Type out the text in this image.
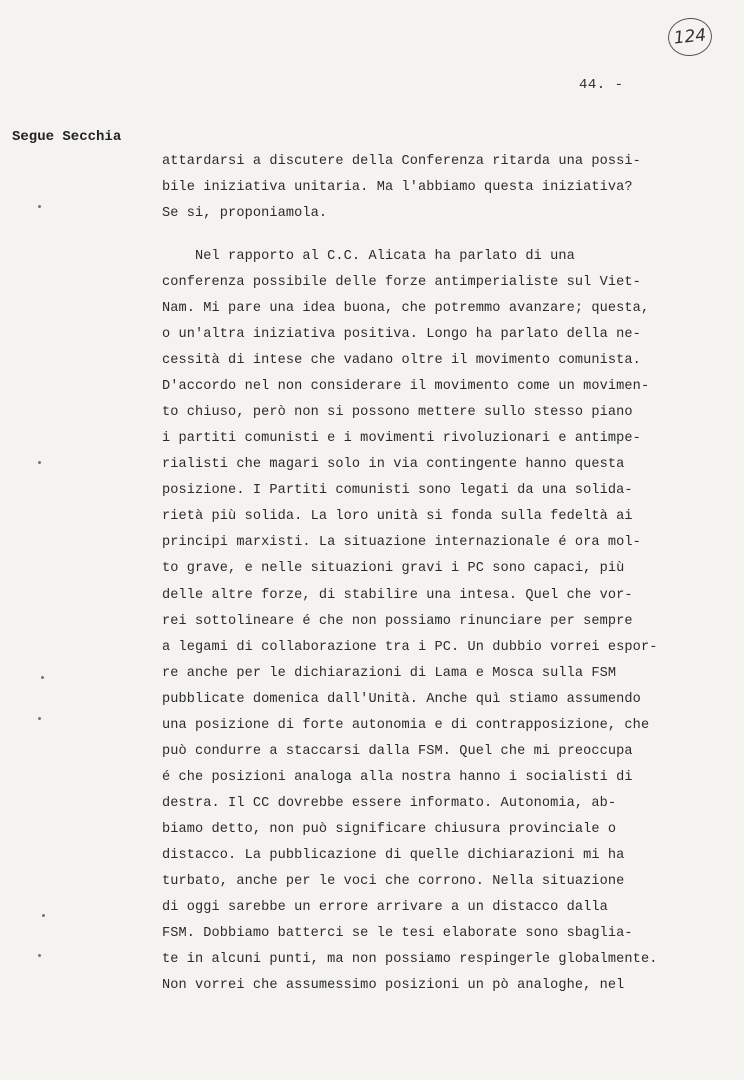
124
44. -
Segue Secchia
attardarsi a discutere della Conferenza ritarda una possi-
bile iniziativa unitaria. Ma l'abbiamo questa iniziativa?
Se si, proponiamola.
Nel rapporto al C.C. Alicata ha parlato di una
conferenza possibile delle forze antimperialiste sul Viet-
Nam. Mi pare una idea buona, che potremmo avanzare; questa,
o un'altra iniziativa positiva. Longo ha parlato della ne-
cessità di intese che vadano oltre il movimento comunista.
D'accordo nel non considerare il movimento come un movimen-
to chiuso, però non si possono mettere sullo stesso piano
i partiti comunisti e i movimenti rivoluzionari e antimpe-
rialisti che magari solo in via contingente hanno questa
posizione. I Partiti comunisti sono legati da una solida-
rietà più solida. La loro unità si fonda sulla fedeltà ai
principi marxisti. La situazione internazionale é ora mol-
to grave, e nelle situazioni gravi i PC sono capaci, più
delle altre forze, di stabilire una intesa. Quel che vor-
rei sottolineare é che non possiamo rinunciare per sempre
a legami di collaborazione tra i PC. Un dubbio vorrei espor-
re anche per le dichiarazioni di Lama e Mosca sulla FSM
pubblicate domenica dall'Unità. Anche quì stiamo assumendo
una posizione di forte autonomia e di contrapposizione, che
può condurre a staccarsi dalla FSM. Quel che mi preoccupa
é che posizioni analoga alla nostra hanno i socialisti di
destra. Il CC dovrebbe essere informato. Autonomia, ab-
biamo detto, non può significare chiusura provinciale o
distacco. La pubblicazione di quelle dichiarazioni mi ha
turbato, anche per le voci che corrono. Nella situazione
di oggi sarebbe un errore arrivare a un distacco dalla
FSM. Dobbiamo batterci se le tesi elaborate sono sbaglia-
te in alcuni punti, ma non possiamo respingerle globalmente.
Non vorrei che assumessimo posizioni un pò analoghe, nel
